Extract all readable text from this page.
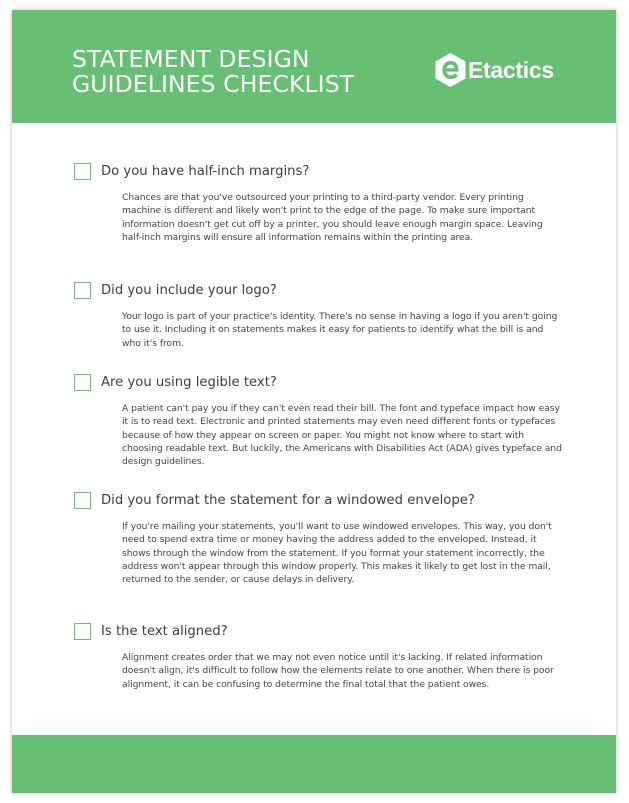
STATEMENT DESIGN
GUIDELINES CHECKLIST
Etactics
Do you have half-inch margins?

Chances are that you've outsourced your printing to a third-party vendor. Every printing machine is different and likely won't print to the edge of the page. To make sure important information doesn't get cut off by a printer, you should leave enough margin space. Leaving half-inch margins will ensure all information remains within the printing area.

Did you include your logo?

Your logo is part of your practice's identity. There's no sense in having a logo if you aren't going to use it. Including it on statements makes it easy for patients to identify what the bill is and who it's from.

Are you using legible text?

A patient can't pay you if they can't even read their bill. The font and typeface impact how easy it is to read text. Electronic and printed statements may even need different fonts or typefaces because of how they appear on screen or paper. You might not know where to start with choosing readable text. But luckily, the Americans with Disabilities Act (ADA) gives typeface and design guidelines.

Did you format the statement for a windowed envelope?

If you're mailing your statements, you'll want to use windowed envelopes. This way, you don't need to spend extra time or money having the address added to the enveloped. Instead, it shows through the window from the statement. If you format your statement incorrectly, the address won't appear through this window properly. This makes it likely to get lost in the mail, returned to the sender, or cause delays in delivery.

Is the text aligned?

Alignment creates order that we may not even notice until it's lacking. If related information doesn't align, it's difficult to follow how the elements relate to one another. When there is poor alignment, it can be confusing to determine the final total that the patient owes.
